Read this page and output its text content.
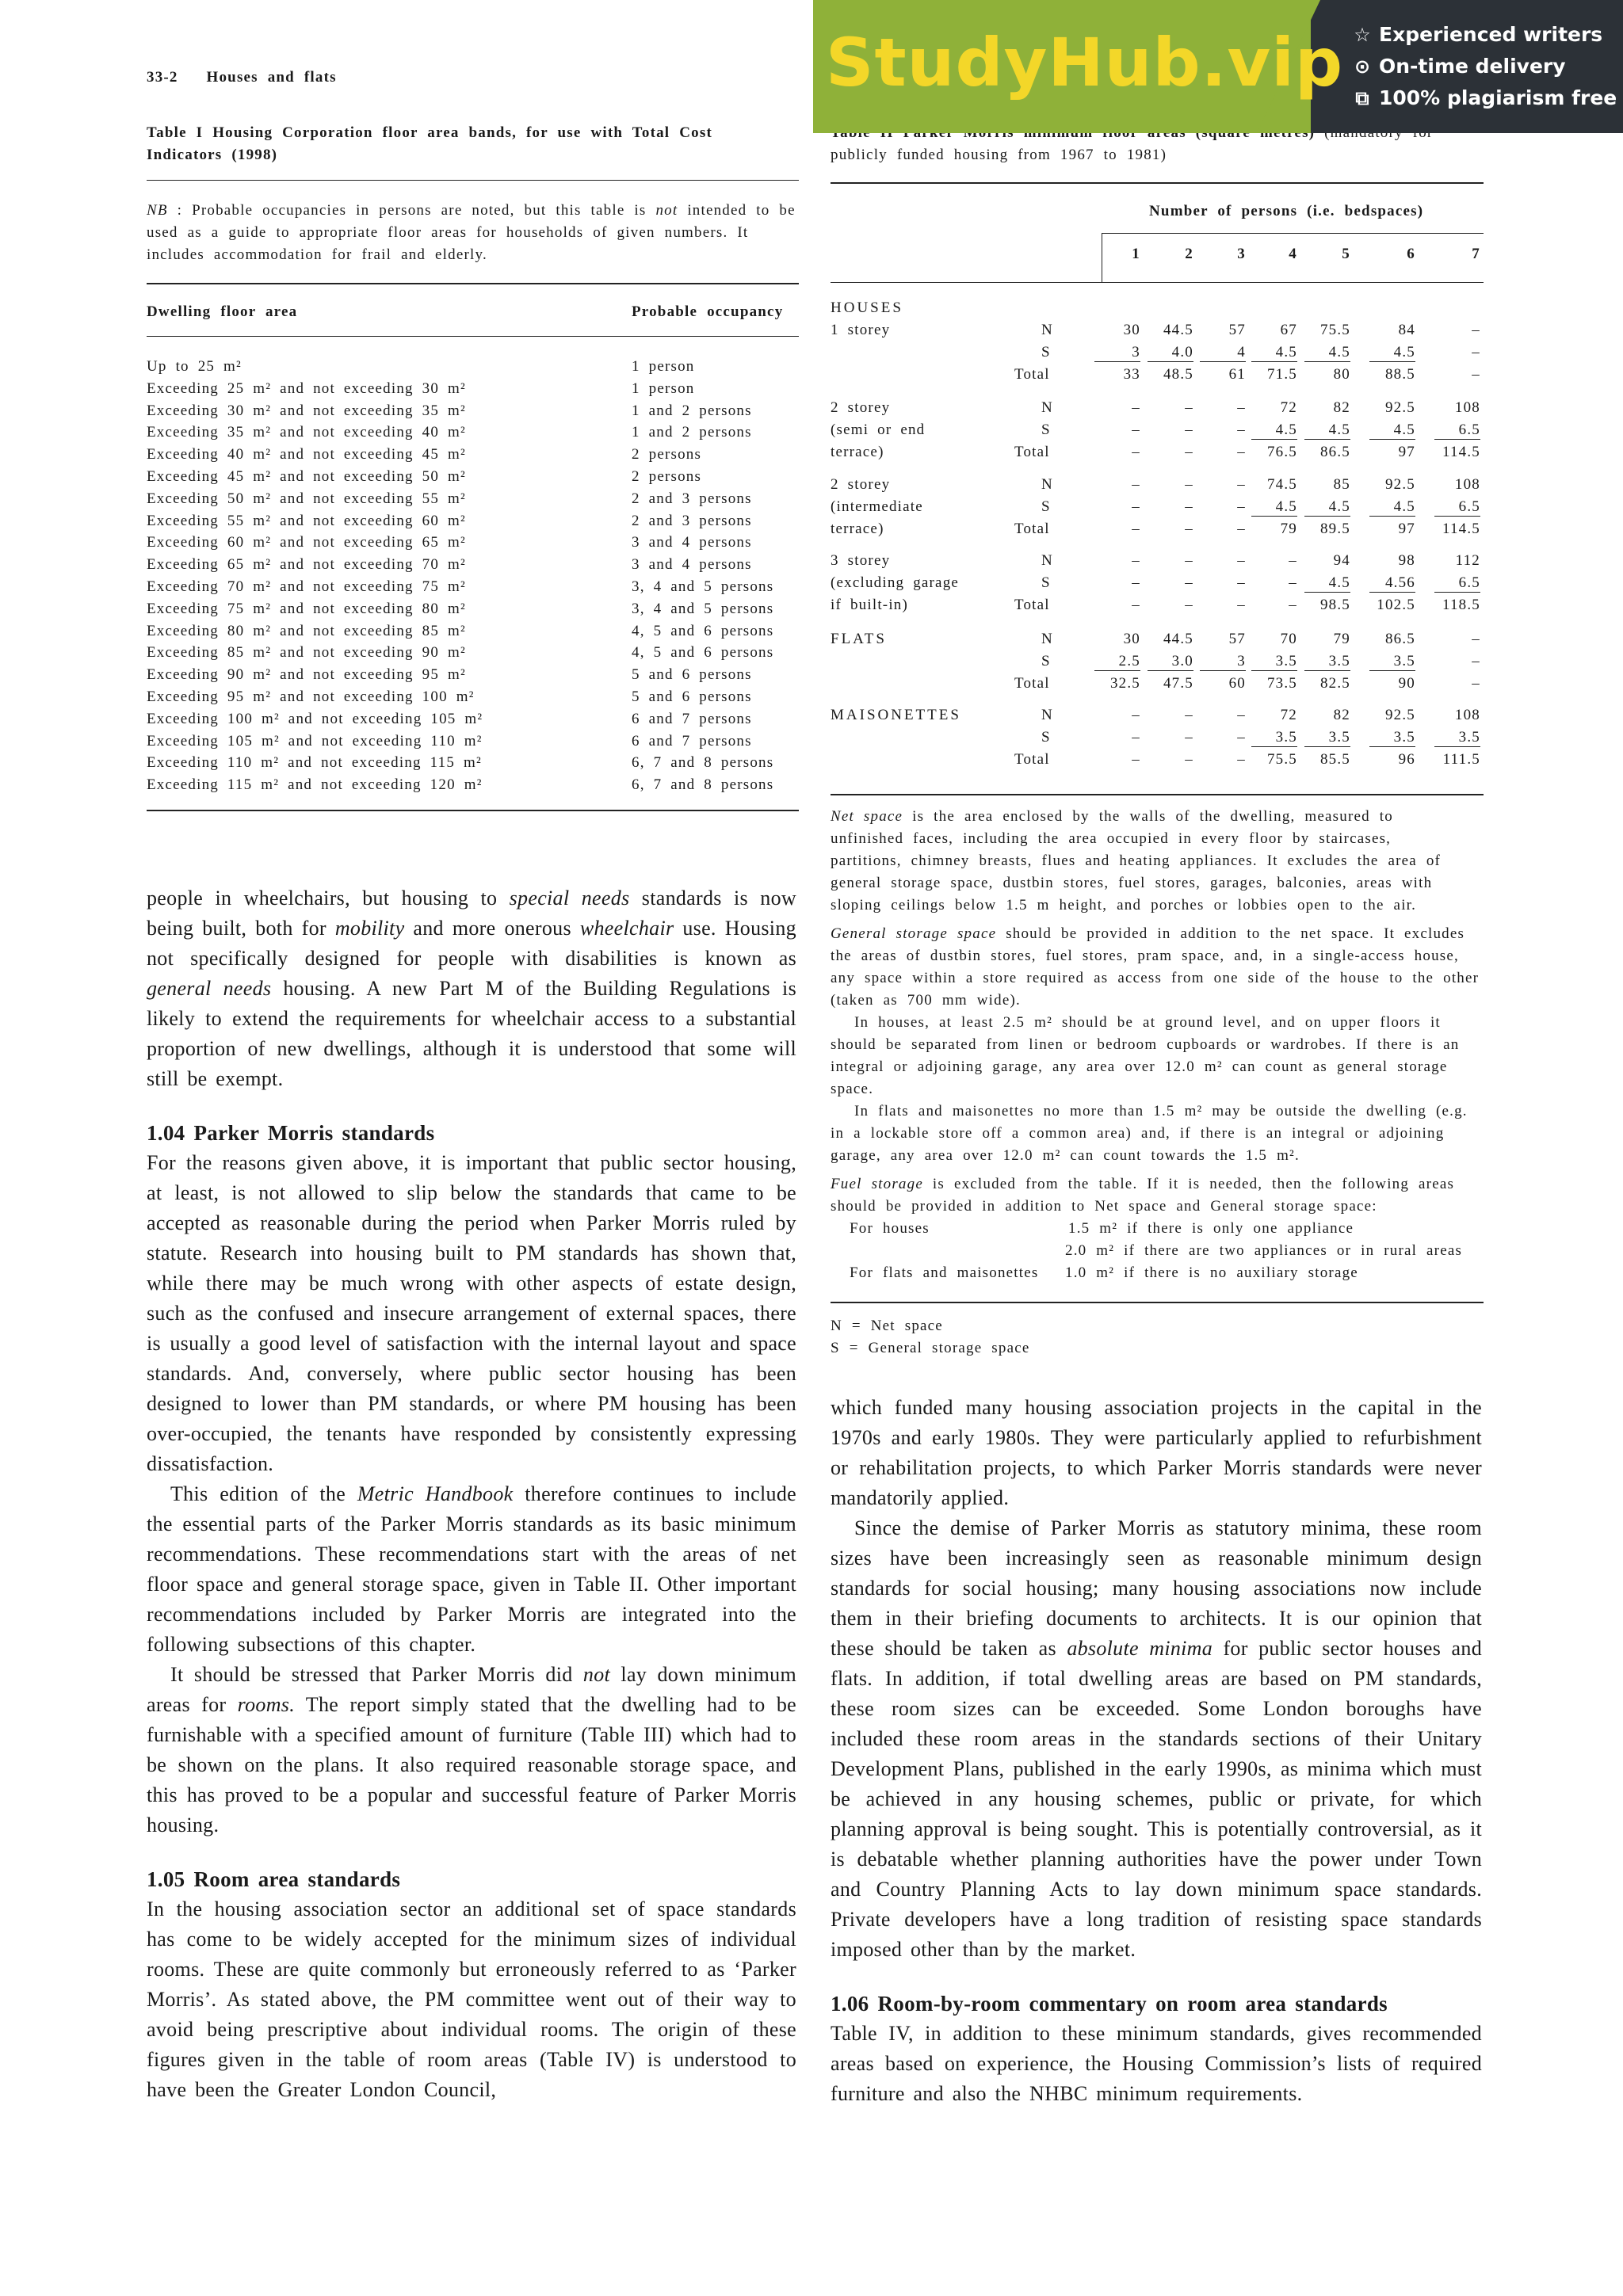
33-2 Houses and flats
Table I Housing Corporation floor area bands, for use with Total Cost
Indicators (1998)
NB : Probable occupancies in persons are noted, but this table is not intended to be
used as a guide to appropriate floor areas for households of given numbers. It
includes accommodation for frail and elderly.
Dwelling floor area	Probable occupancy
Up to 25 m²	1 person
Exceeding 25 m² and not exceeding 30 m²	1 person
Exceeding 30 m² and not exceeding 35 m²	1 and 2 persons
Exceeding 35 m² and not exceeding 40 m²	1 and 2 persons
Exceeding 40 m² and not exceeding 45 m²	2 persons
Exceeding 45 m² and not exceeding 50 m²	2 persons
Exceeding 50 m² and not exceeding 55 m²	2 and 3 persons
Exceeding 55 m² and not exceeding 60 m²	2 and 3 persons
Exceeding 60 m² and not exceeding 65 m²	3 and 4 persons
Exceeding 65 m² and not exceeding 70 m²	3 and 4 persons
Exceeding 70 m² and not exceeding 75 m²	3, 4 and 5 persons
Exceeding 75 m² and not exceeding 80 m²	3, 4 and 5 persons
Exceeding 80 m² and not exceeding 85 m²	4, 5 and 6 persons
Exceeding 85 m² and not exceeding 90 m²	4, 5 and 6 persons
Exceeding 90 m² and not exceeding 95 m²	5 and 6 persons
Exceeding 95 m² and not exceeding 100 m²	5 and 6 persons
Exceeding 100 m² and not exceeding 105 m²	6 and 7 persons
Exceeding 105 m² and not exceeding 110 m²	6 and 7 persons
Exceeding 110 m² and not exceeding 115 m²	6, 7 and 8 persons
Exceeding 115 m² and not exceeding 120 m²	6, 7 and 8 persons
publicly funded housing from 1967 to 1981)
Number of persons (i.e. bedspaces)
1	2	3	4	5	6	7
HOUSES
1 storey	N	30	44.5	57	67	75.5	84	–
S	3	4.0	4	4.5	4.5	4.5	–
Total	33	48.5	61	71.5	80	88.5	–
2 storey
(semi or end
terrace)
N	–	–	–	72	82	92.5	108
S	–	–	–	4.5	4.5	4.5	6.5
Total	–	–	–	76.5	86.5	97	114.5
2 storey
(intermediate
terrace)
N	–	–	–	74.5	85	92.5	108
S	–	–	–	4.5	4.5	4.5	6.5
Total	–	–	–	79	89.5	97	114.5
3 storey
(excluding garage
if built-in)
N	–	–	–	–	94	98	112
S	–	–	–	–	4.5	4.56	6.5
Total	–	–	–	–	98.5	102.5	118.5
FLATS	N	30	44.5	57	70	79	86.5	–
S	2.5	3.0	3	3.5	3.5	3.5	–
Total	32.5	47.5	60	73.5	82.5	90	–
MAISONETTES	N	–	–	–	72	82	92.5	108
S	–	–	–	3.5	3.5	3.5	3.5
Total	–	–	–	75.5	85.5	96	111.5
Net space is the area enclosed by the walls of the dwelling, measured to
unfinished faces, including the area occupied in every floor by staircases,
partitions, chimney breasts, flues and heating appliances. It excludes the area of
general storage space, dustbin stores, fuel stores, garages, balconies, areas with
sloping ceilings below 1.5 m height, and porches or lobbies open to the air.
General storage space should be provided in addition to the net space. It excludes
the areas of dustbin stores, fuel stores, pram space, and, in a single-access house,
any space within a store required as access from one side of the house to the other
(taken as 700 mm wide).
In houses, at least 2.5 m² should be at ground level, and on upper floors it
should be separated from linen or bedroom cupboards or wardrobes. If there is an
integral or adjoining garage, any area over 12.0 m² can count as general storage
space.
In flats and maisonettes no more than 1.5 m² may be outside the dwelling (e.g.
in a lockable store off a common area) and, if there is an integral or adjoining
garage, any area over 12.0 m² can count towards the 1.5 m².
Fuel storage is excluded from the table. If it is needed, then the following areas
should be provided in addition to Net space and General storage space:
For houses	1.5 m² if there is only one appliance
2.0 m² if there are two appliances or in rural areas
For flats and maisonettes 1.0 m² if there is no auxiliary storage
N = Net space
S = General storage space

people in wheelchairs, but housing to special needs standards is now being built, both for mobility and more onerous wheelchair use. Housing not specifically designed for people with disabilities is known as general needs housing. A new Part M of the Building Regulations is likely to extend the requirements for wheelchair access to a substantial proportion of new dwellings, although it is understood that some will still be exempt.

1.04 Parker Morris standards

For the reasons given above, it is important that public sector housing, at least, is not allowed to slip below the standards that came to be accepted as reasonable during the period when Parker Morris ruled by statute. Research into housing built to PM standards has shown that, while there may be much wrong with other aspects of estate design, such as the confused and insecure arrangement of external spaces, there is usually a good level of satisfaction with the internal layout and space standards. And, conversely, where public sector housing has been designed to lower than PM standards, or where PM housing has been over-occupied, the tenants have responded by consistently expressing dissatisfaction.

This edition of the Metric Handbook therefore continues to include the essential parts of the Parker Morris standards as its basic minimum recommendations. These recommendations start with the areas of net floor space and general storage space, given in Table II. Other important recommendations included by Parker Morris are integrated into the following subsections of this chapter.

It should be stressed that Parker Morris did not lay down minimum areas for rooms. The report simply stated that the dwelling had to be furnishable with a specified amount of furniture (Table III) which had to be shown on the plans. It also required reasonable storage space, and this has proved to be a popular and successful feature of Parker Morris housing.

1.05 Room area standards

In the housing association sector an additional set of space standards has come to be widely accepted for the minimum sizes of individual rooms. These are quite commonly but erroneously referred to as ‘Parker Morris’. As stated above, the PM committee went out of their way to avoid being prescriptive about individual rooms. The origin of these figures given in the table of room areas (Table IV) is understood to have been the Greater London Council,

which funded many housing association projects in the capital in the 1970s and early 1980s. They were particularly applied to refurbishment or rehabilitation projects, to which Parker Morris standards were never mandatorily applied.

Since the demise of Parker Morris as statutory minima, these room sizes have been increasingly seen as reasonable minimum design standards for social housing; many housing associations now include them in their briefing documents to architects. It is our opinion that these should be taken as absolute minima for public sector houses and flats. In addition, if total dwelling areas are based on PM standards, these room sizes can be exceeded. Some London boroughs have included these room areas in the standards sections of their Unitary Development Plans, published in the early 1990s, as minima which must be achieved in any housing schemes, public or private, for which planning approval is being sought. This is potentially controversial, as it is debatable whether planning authorities have the power under Town and Country Planning Acts to lay down minimum space standards. Private developers have a long tradition of resisting space standards imposed other than by the market.

1.06 Room-by-room commentary on room area standards

Table IV, in addition to these minimum standards, gives recommended areas based on experience, the Housing Commission’s lists of required furniture and also the NHBC minimum requirements.

StudyHub.vip ☆ Experienced writers
⊙ On-time delivery
⧉ 100% plagiarism free
